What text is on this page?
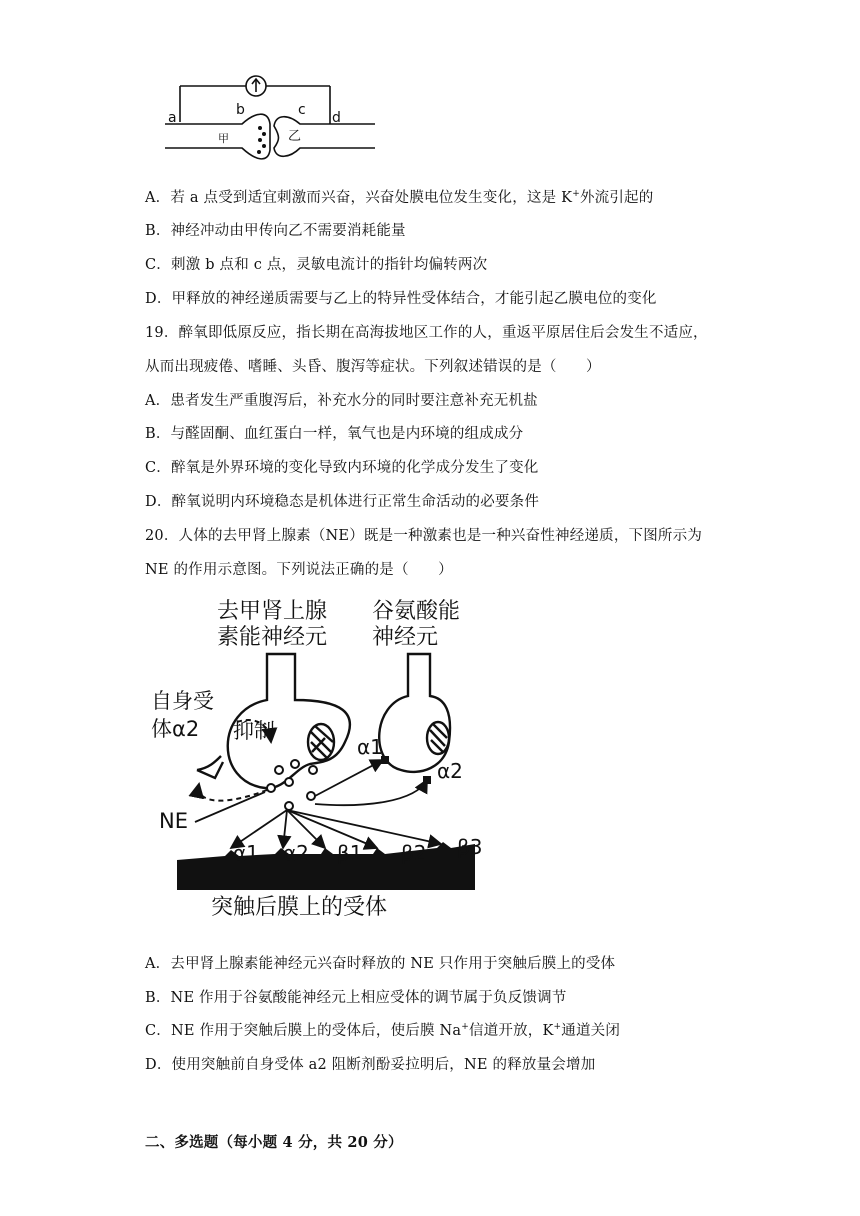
a	b	c d
甲	乙
A．若 a 点受到适宜刺激而兴奋，兴奋处膜电位发生变化，这是 K+外流引起的
B．神经冲动由甲传向乙不需要消耗能量
C．刺激 b 点和 c 点，灵敏电流计的指针均偏转两次
D．甲释放的神经递质需要与乙上的特异性受体结合，才能引起乙膜电位的变化
19．醉氧即低原反应，指长期在高海拔地区工作的人，重返平原居住后会发生不适应，
从而出现疲倦、嗜睡、头昏、腹泻等症状。下列叙述错误的是（　　）
A．患者发生严重腹泻后，补充水分的同时要注意补充无机盐
B．与醛固酮、血红蛋白一样，氧气也是内环境的组成成分
C．醉氧是外界环境的变化导致内环境的化学成分发生了变化
D．醉氧说明内环境稳态是机体进行正常生命活动的必要条件
20．人体的去甲肾上腺素（NE）既是一种激素也是一种兴奋性神经递质，下图所示为
NE 的作用示意图。下列说法正确的是（　　）
去甲肾上腺
素能神经元
谷氨酸能
神经元
自身受
体α2 抑制
NE
α1
α2
α1 α2 β1 β2 β3
突触后膜上的受体
A．去甲肾上腺素能神经元兴奋时释放的 NE 只作用于突触后膜上的受体
B．NE 作用于谷氨酸能神经元上相应受体的调节属于负反馈调节
C．NE 作用于突触后膜上的受体后，使后膜 Na+信道开放，K+通道关闭
D．使用突触前自身受体 a2 阻断剂酚妥拉明后，NE 的释放量会增加
二、多选题（每小题 4 分，共 20 分）
